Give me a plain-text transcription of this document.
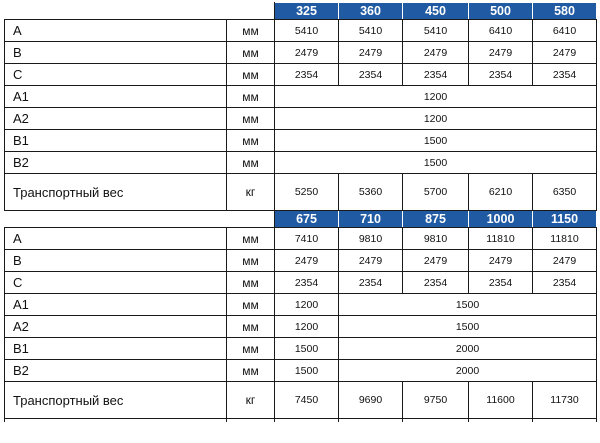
		325	360	450	500	580
A	мм	5410	5410	5410	6410	6410
B	мм	2479	2479	2479	2479	2479
C	мм	2354	2354	2354	2354	2354
A1	мм	1200				
A2	мм	1200				
B1	мм	1500				
B2	мм	1500				
Транспортный вес	кг	5250	5360	5700	6210	6350
		675	710	875	1000	1150
A	мм	7410	9810	9810	11810	11810
B	мм	2479	2479	2479	2479	2479
C	мм	2354	2354	2354	2354	2354
A1	мм	1200	1500			
A2	мм	1200	1500			
B1	мм	1500	2000			
B2	мм	1500	2000			
Транспортный вес	кг	7450	9690	9750	11600	11730
